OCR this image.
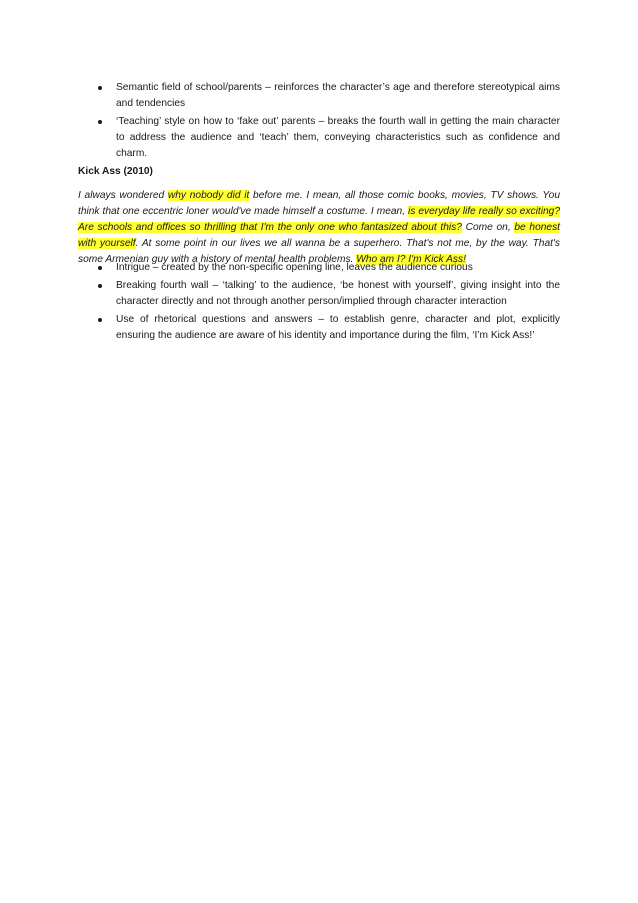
Semantic field of school/parents – reinforces the character’s age and therefore stereotypical aims and tendencies
‘Teaching’ style on how to ‘fake out’ parents – breaks the fourth wall in getting the main character to address the audience and ‘teach’ them, conveying characteristics such as confidence and charm.
Kick Ass (2010)
I always wondered why nobody did it before me. I mean, all those comic books, movies, TV shows. You think that one eccentric loner would've made himself a costume. I mean, is everyday life really so exciting? Are schools and offices so thrilling that I'm the only one who fantasized about this? Come on, be honest with yourself. At some point in our lives we all wanna be a superhero. That's not me, by the way. That's some Armenian guy with a history of mental health problems. Who am I? I'm Kick Ass!
Intrigue – created by the non-specific opening line, leaves the audience curious
Breaking fourth wall – ‘talking’ to the audience, ‘be honest with yourself’, giving insight into the character directly and not through another person/implied through character interaction
Use of rhetorical questions and answers – to establish genre, character and plot, explicitly ensuring the audience are aware of his identity and importance during the film, ‘I’m Kick Ass!’
